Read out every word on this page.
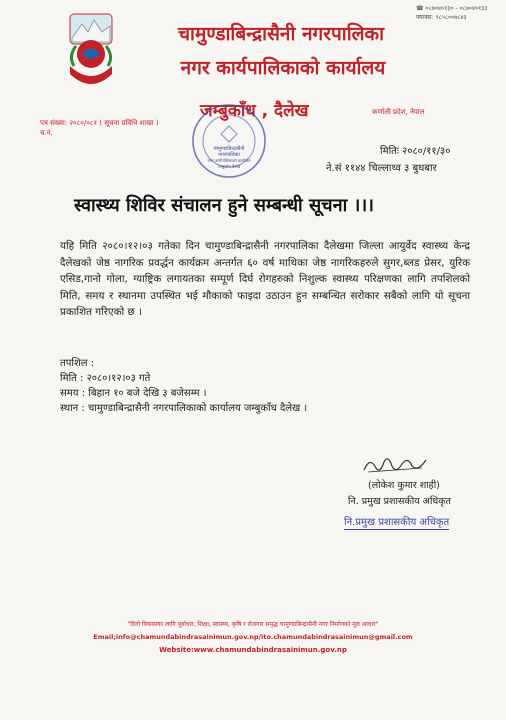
☎ ०८७०४०१३० - ०८७०४०१३३
फ्याक्स: ९८५८००७८४३
चामुण्डाबिन्द्रासैनी नगरपालिका
नगर कार्यपालिकाको कार्यालय
जम्बुकाँध , दैलेख	कर्णाली प्रदेश, नेपाल
पत्र संख्या: २०८०/०८१ ( सूचना प्रविधि शाखा )
च.नं.
चामुण्डाबिन्द्रासैनी
नगरपालिका
नगर कार्यपालिकाको कार्यालय
जम्बुकाँध दैलेख
मितिः २०८०/११/३०
ने.सं ११४४ चिल्लाथ्व ३ बुधबार
स्वास्थ्य शिविर संचालन हुने सम्बन्धी सूचना ।।।
यहि मिति २०८०।१२।०३ गतेका दिन चामुण्डाबिन्द्रासैनी नगरपालिका दैलेखमा जिल्ला आयुर्वेद स्वास्थ्य केन्द्र दैलेखको जेष्ठ नागरिक प्रवर्द्धन कार्यक्रम अन्तर्गत ६० वर्ष माथिका जेष्ठ नागरिकहरुले सुगर,ब्लड प्रेसर, युरिक एसिड,गानो गोला, ग्याष्ट्रिक लगायतका सम्पूर्ण दिर्घ रोगहरुको निशुल्क स्वास्थ्य परिक्षणका लागि तपशिलको मिति, समय र स्थानमा उपस्थित भई मौकाको फाइदा उठाउन हुन सम्बन्धित सरोकार सबैको लागि यो सूचना प्रकाशित गरिएको छ ।
तपशिल :
मिति : २०८०।१२।०३ गते
समय : बिहान १० बजे देखि ३ बजेसम्म ।
स्थान : चामुण्डाबिन्द्रासैनी नगरपालिकाको कार्यालय जम्बुकाँध दैलेख ।
(लोकेश कुमार शाही)
नि. प्रमुख प्रशासकीय अधिकृत
नि.प्रमुख प्रशासकीय अधिकृत
"दिगो विकासका लागि पूर्वाधार, शिक्षा, स्वास्थ्य, कृषि र रोजगार समृद्ध चामुण्डाबिन्द्रासैनी नगर निर्माणको मूल आधार"
Email;info@chamundabindrasainimun.gov.np/ito.chamundabindrasainimun@gmail.com
Website:www.chamundabindrasainimun.gov.np
